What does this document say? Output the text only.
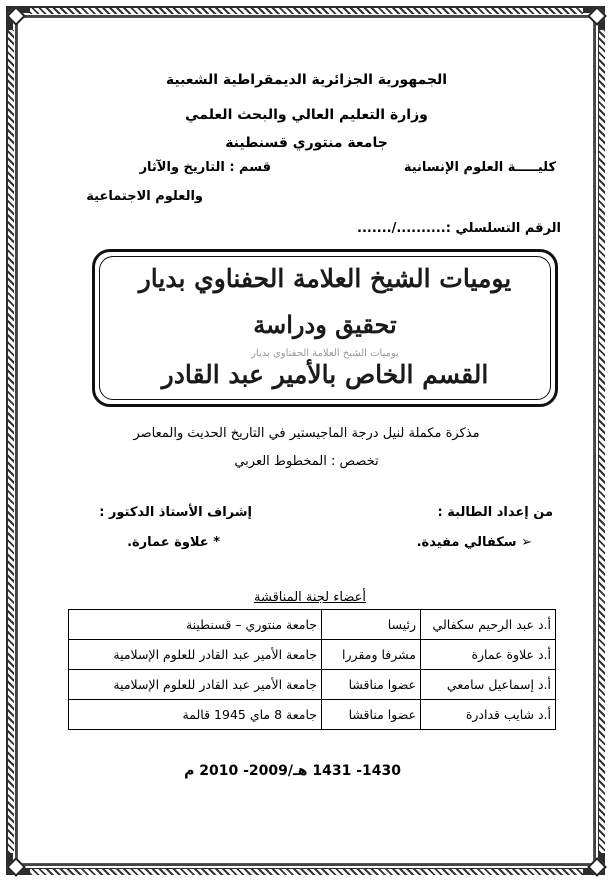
الجمهورية الجزائرية الديمقراطية الشعبية
وزارة التعليم العالي والبحث العلمي
جامعة منتوري قسنطينة
كليـــــة العلوم الإنسانية
قسم : التاريخ والآثار
والعلوم الاجتماعية
الرقم التسلسلي :........../.......
يوميات الشيخ العلامة الحفناوي بديار
تحقيق ودراسة
يوميات الشيخ العلامة الحفناوي بديار
القسم الخاص بالأمير عبد القادر
مذكرة مكملة لنيل درجة الماجيستير في التاريخ الحديث والمعاصر
تخصص : المخطوط العربي
من إعداد الطالبة :
إشراف الأستاذ الدكتور :
➢ سكفالي مفيدة.
* علاوة عمارة.
أعضاء لجنة المناقشة
أ.د عبد الرحيم سكفالي	رئيسا	جامعة منتوري – قسنطينة
أ.د علاوة عمارة	مشرفا ومقررا	جامعة الأمير عبد القادر للعلوم الإسلامية
أ.د إسماعيل سامعي	عضوا مناقشا	جامعة الأمير عبد القادر للعلوم الإسلامية
أ.د شايب قدادرة	عضوا مناقشا	جامعة 8 ماي 1945 قالمة
1430- 1431 هـ/2009- 2010 م
